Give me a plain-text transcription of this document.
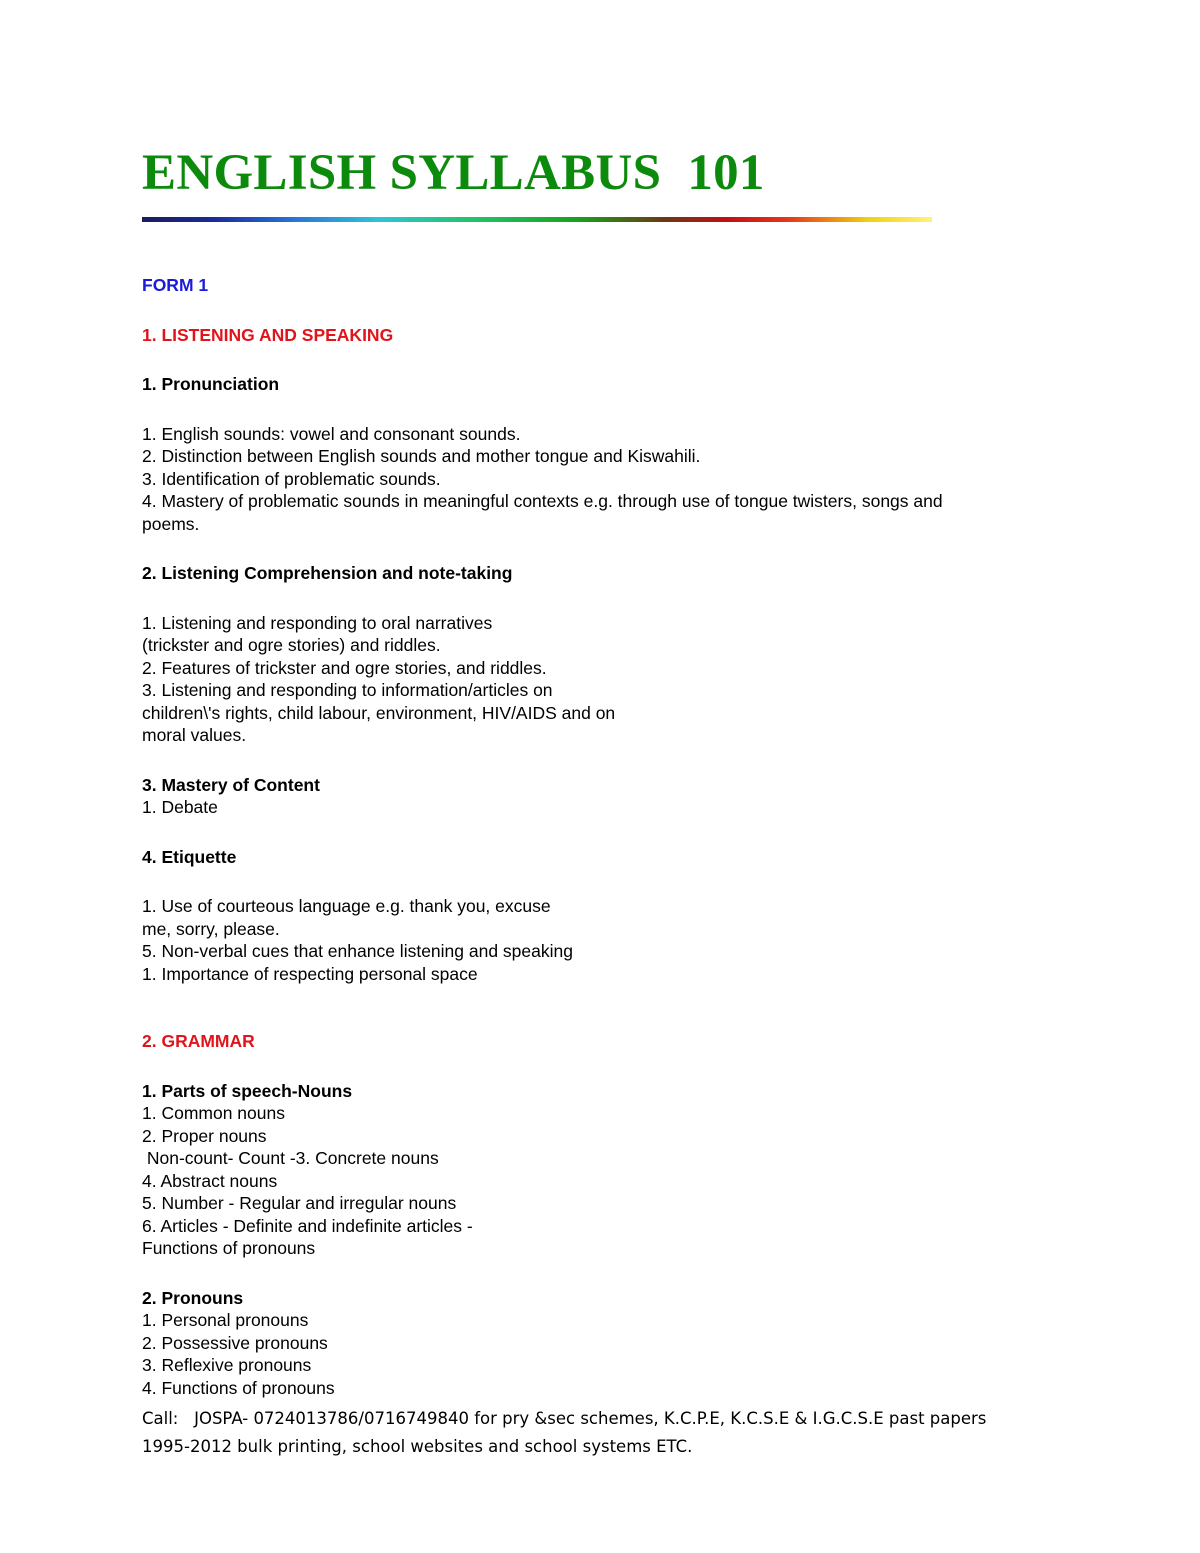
ENGLISH SYLLABUS  101
FORM 1
1. LISTENING AND SPEAKING
1. Pronunciation
1. English sounds: vowel and consonant sounds.
2. Distinction between English sounds and mother tongue and Kiswahili.
3. Identification of problematic sounds.
4. Mastery of problematic sounds in meaningful contexts e.g. through use of tongue twisters, songs and
poems.
2. Listening Comprehension and note-taking
1. Listening and responding to oral narratives
(trickster and ogre stories) and riddles.
2. Features of trickster and ogre stories, and riddles.
3. Listening and responding to information/articles on
children\'s rights, child labour, environment, HIV/AIDS and on
moral values.
3. Mastery of Content
1. Debate
4. Etiquette
1. Use of courteous language e.g. thank you, excuse
me, sorry, please.
5. Non-verbal cues that enhance listening and speaking
1. Importance of respecting personal space
2. GRAMMAR
1. Parts of speech-Nouns
1. Common nouns
2. Proper nouns
Non-count- Count -3. Concrete nouns
4. Abstract nouns
5. Number - Regular and irregular nouns
6. Articles - Definite and indefinite articles -
Functions of pronouns
2. Pronouns
1. Personal pronouns
2. Possessive pronouns
3. Reflexive pronouns
4. Functions of pronouns
Call:   JOSPA- 0724013786/0716749840 for pry &sec schemes, K.C.P.E, K.C.S.E & I.G.C.S.E past papers
1995-2012 bulk printing, school websites and school systems ETC.
